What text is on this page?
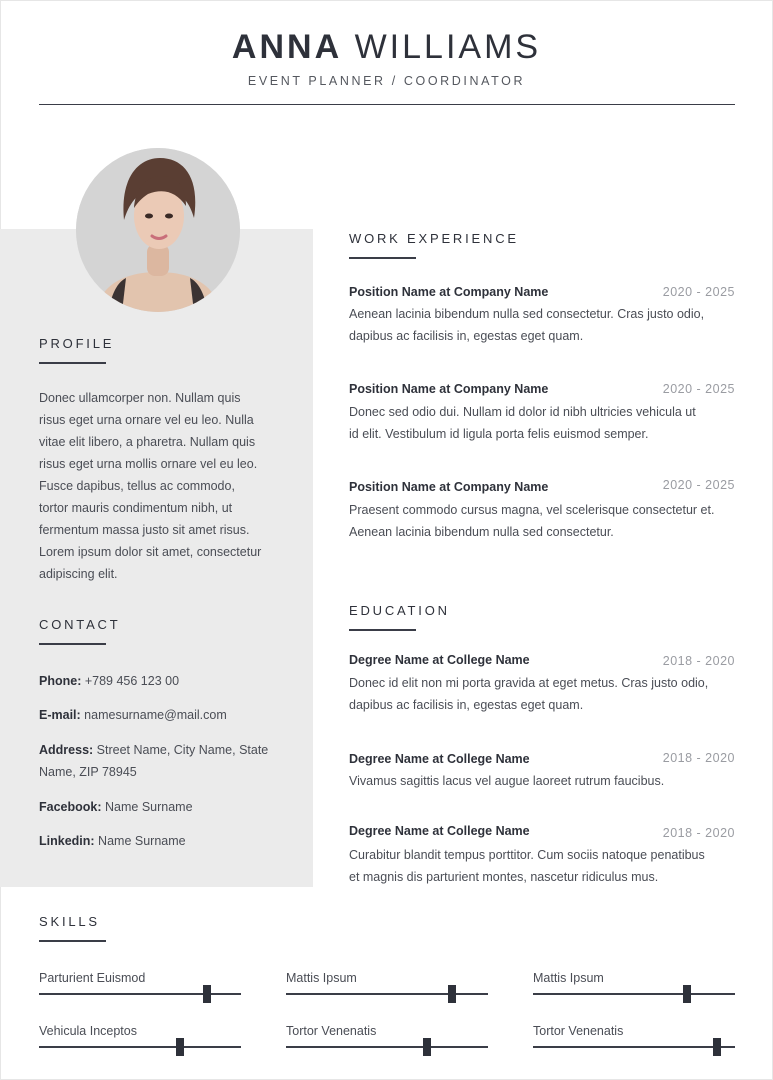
ANNA WILLIAMS
EVENT PLANNER / COORDINATOR
PROFILE
Donec ullamcorper non. Nullam quis
risus eget urna ornare vel eu leo. Nulla
vitae elit libero, a pharetra. Nullam quis
risus eget urna mollis ornare vel eu leo.
Fusce dapibus, tellus ac commodo,
tortor mauris condimentum nibh, ut
fermentum massa justo sit amet risus.
Lorem ipsum dolor sit amet, consectetur
adipiscing elit.
CONTACT
Phone: +789 456 123 00
E-mail: namesurname@mail.com
Address: Street Name, City Name, State
Name, ZIP 78945
Facebook: Name Surname
Linkedin: Name Surname
WORK EXPERIENCE
Position Name at Company Name	2020 - 2025
Aenean lacinia bibendum nulla sed consectetur. Cras justo odio,
dapibus ac facilisis in, egestas eget quam.
Position Name at Company Name	2020 - 2025
Donec sed odio dui. Nullam id dolor id nibh ultricies vehicula ut
id elit. Vestibulum id ligula porta felis euismod semper.
Position Name at Company Name	2020 - 2025
Praesent commodo cursus magna, vel scelerisque consectetur et.
Aenean lacinia bibendum nulla sed consectetur.
EDUCATION
Degree Name at College Name	2018 - 2020
Donec id elit non mi porta gravida at eget metus. Cras justo odio,
dapibus ac facilisis in, egestas eget quam.
Degree Name at College Name	2018 - 2020
Vivamus sagittis lacus vel augue laoreet rutrum faucibus.
Degree Name at College Name	2018 - 2020
Curabitur blandit tempus porttitor. Cum sociis natoque penatibus
et magnis dis parturient montes, nascetur ridiculus mus.
SKILLS
Parturient Euismod	Mattis Ipsum	Mattis Ipsum
Vehicula Inceptos	Tortor Venenatis	Tortor Venenatis
